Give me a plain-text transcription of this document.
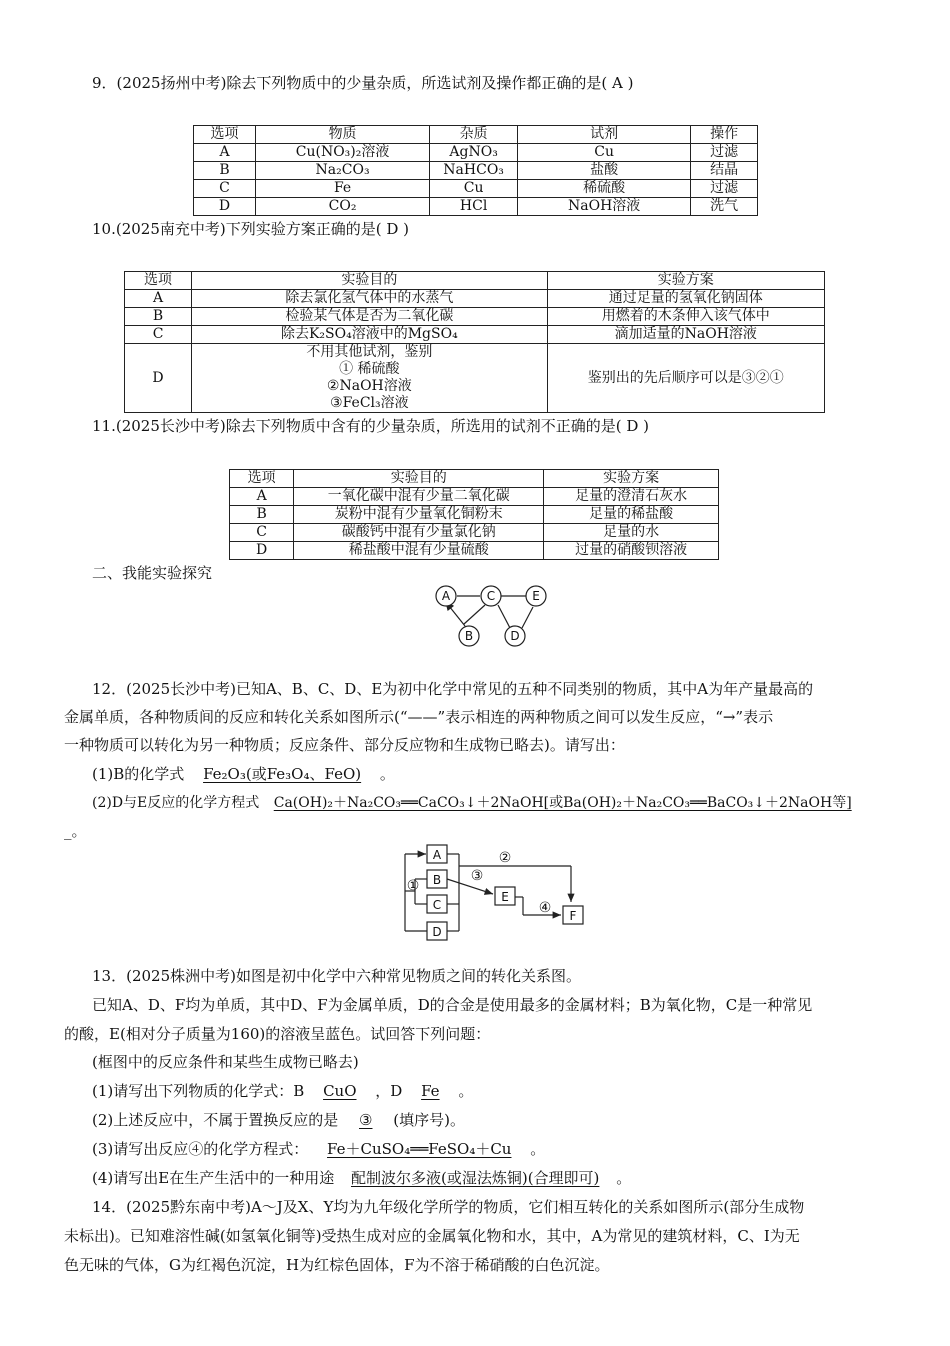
9．(2025扬州中考)除去下列物质中的少量杂质，所选试剂及操作都正确的是( A )
选项	物质	杂质	试剂	操作
A	Cu(NO₃)₂溶液	AgNO₃	Cu	过滤
B	Na₂CO₃	NaHCO₃	盐酸	结晶
C	Fe	Cu	稀硫酸	过滤
D	CO₂	HCl	NaOH溶液	洗气
10.(2025南充中考)下列实验方案正确的是( D )
选项	实验目的	实验方案
A	除去氯化氢气体中的水蒸气	通过足量的氢氧化钠固体
B	检验某气体是否为二氧化碳	用燃着的木条伸入该气体中
C	除去K₂SO₄溶液中的MgSO₄	滴加适量的NaOH溶液
D	不用其他试剂，鉴别
① 稀硫酸
②NaOH溶液
③FeCl₃溶液	鉴别出的先后顺序可以是③②①
11.(2025长沙中考)除去下列物质中含有的少量杂质，所选用的试剂不正确的是( D )
选项	实验目的	实验方案
A	一氧化碳中混有少量二氧化碳	足量的澄清石灰水
B	炭粉中混有少量氧化铜粉末	足量的稀盐酸
C	碳酸钙中混有少量氯化钠	足量的水
D	稀盐酸中混有少量硫酸	过量的硝酸钡溶液
二、我能实验探究
A	C	E
B	D
12．(2025长沙中考)已知A、B、C、D、E为初中化学中常见的五种不同类别的物质，其中A为年产量最高的
金属单质，各种物质间的反应和转化关系如图所示(“——”表示相连的两种物质之间可以发生反应，“→”表示
一种物质可以转化为另一种物质；反应条件、部分反应物和生成物已略去)。请写出：
(1)B的化学式 Fe₂O₃(或Fe₃O₄、FeO) 。
(2)D与E反应的化学方程式 Ca(OH)₂＋Na₂CO₃══CaCO₃↓＋2NaOH[或Ba(OH)₂＋Na₂CO₃══BaCO₃↓＋2NaOH等]
_。
A
B
C
D
E
F
①
②
③
④
13．(2025株洲中考)如图是初中化学中六种常见物质之间的转化关系图。
已知A、D、F均为单质，其中D、F为金属单质，D的合金是使用最多的金属材料；B为氧化物，C是一种常见
的酸，E(相对分子质量为160)的溶液呈蓝色。试回答下列问题：
(框图中的反应条件和某些生成物已略去)
(1)请写出下列物质的化学式：B CuO ，D Fe 。
(2)上述反应中，不属于置换反应的是 ③ (填序号)。
(3)请写出反应④的化学方程式： Fe＋CuSO₄══FeSO₄＋Cu 。
(4)请写出E在生产生活中的一种用途 配制波尔多液(或湿法炼铜)(合理即可) 。
14．(2025黔东南中考)A～J及X、Y均为九年级化学所学的物质，它们相互转化的关系如图所示(部分生成物
未标出)。已知难溶性碱(如氢氧化铜等)受热生成对应的金属氧化物和水，其中，A为常见的建筑材料，C、I为无
色无味的气体，G为红褐色沉淀，H为红棕色固体，F为不溶于稀硝酸的白色沉淀。
